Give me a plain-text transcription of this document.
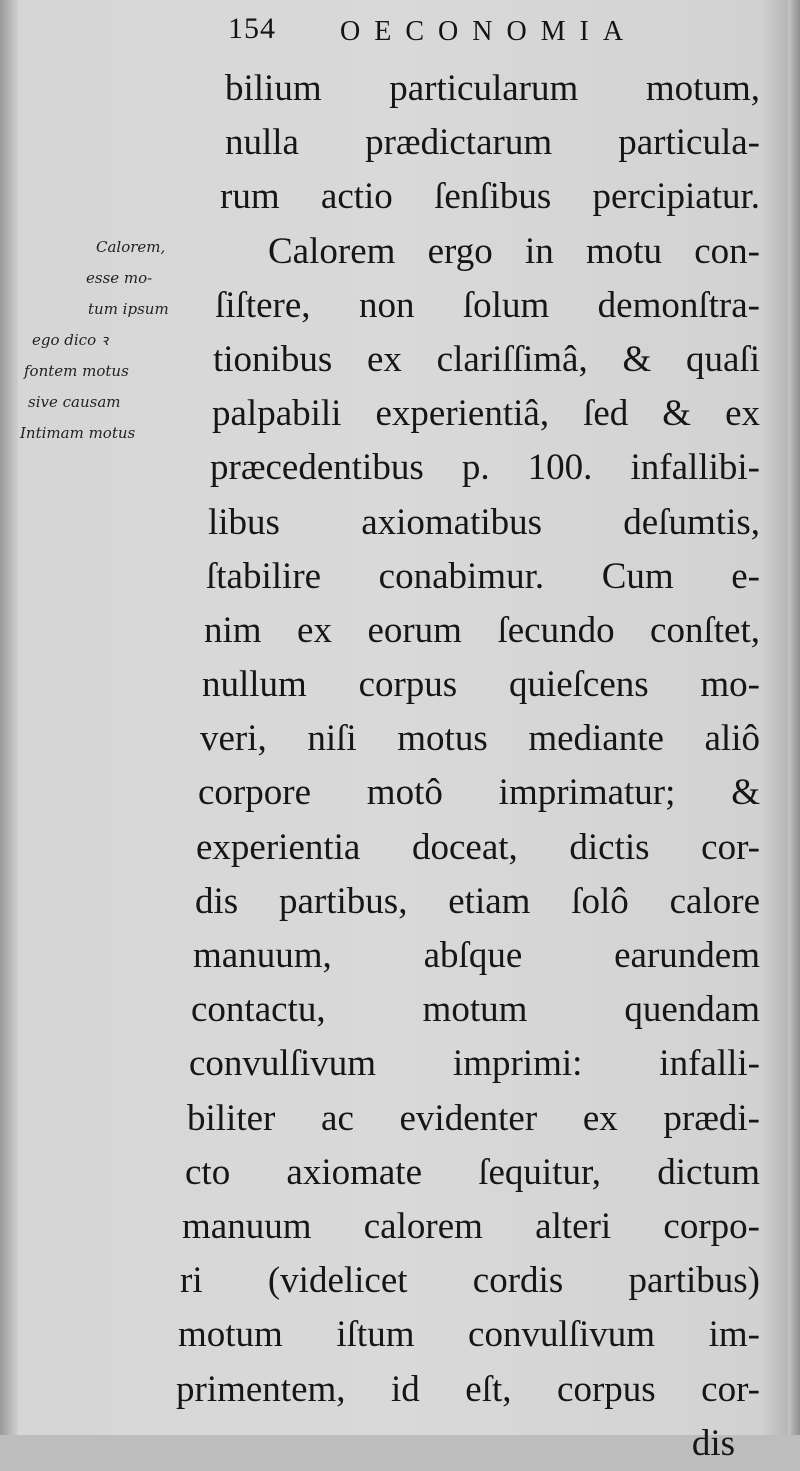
154 OECONOMIA
Calorem,
esse mo-
tum ipsum
ego dico ꝛ
fontem motus
sive causam
Intimam motus
bilium particularum motum,
nulla prædictarum particula-
rum actio ſenſibus percipiatur.
Calorem ergo in motu con-
ſiſtere, non ſolum demonſtra-
tionibus ex clariſſimâ, & quaſi
palpabili experientiâ, ſed & ex
præcedentibus p. 100. infallibi-
libus axiomatibus deſumtis,
ſtabilire conabimur. Cum e-
nim ex eorum ſecundo conſtet,
nullum corpus quieſcens mo-
veri, niſi motus mediante aliô
corpore motô imprimatur; &
experientia doceat, dictis cor-
dis partibus, etiam ſolô calore
manuum, abſque earundem
contactu, motum quendam
convulſivum imprimi: infalli-
biliter ac evidenter ex prædi-
cto axiomate ſequitur, dictum
manuum calorem alteri corpo-
ri (videlicet cordis partibus)
motum iſtum convulſivum im-
primentem, id eſt, corpus cor-
dis
